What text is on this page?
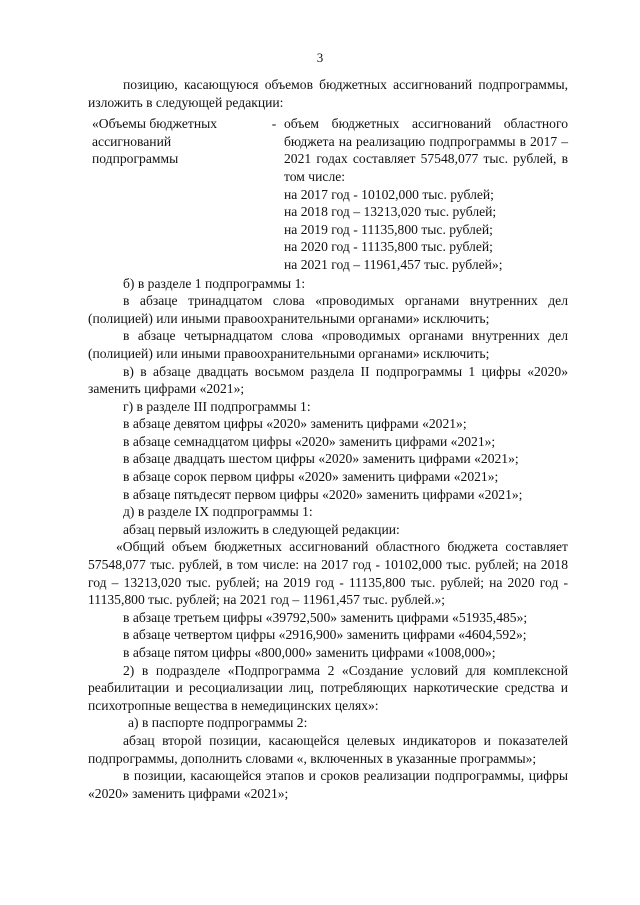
3

позицию, касающуюся объемов бюджетных ассигнований подпрограммы, изложить в следующей редакции:

«Объемы бюджетных
ассигнований
подпрограммы
- объем бюджетных ассигнований областного бюджета на реализацию подпрограммы в 2017 – 2021 годах составляет 57548,077 тыс. рублей, в том числе:

на 2017 год - 10102,000 тыс. рублей;
на 2018 год – 13213,020 тыс. рублей;
на 2019 год - 11135,800 тыс. рублей;
на 2020 год - 11135,800 тыс. рублей;
на 2021 год – 11961,457 тыс. рублей»;

б) в разделе 1 подпрограммы 1:

в абзаце тринадцатом слова «проводимых органами внутренних дел (полицией) или иными правоохранительными органами» исключить;

в абзаце четырнадцатом слова «проводимых органами внутренних дел (полицией) или иными правоохранительными органами» исключить;

в) в абзаце двадцать восьмом раздела II подпрограммы 1 цифры «2020» заменить цифрами «2021»;

г) в разделе III подпрограммы 1:

в абзаце девятом цифры «2020» заменить цифрами «2021»;

в абзаце семнадцатом цифры «2020» заменить цифрами «2021»;

в абзаце двадцать шестом цифры «2020» заменить цифрами «2021»;

в абзаце сорок первом цифры «2020» заменить цифрами «2021»;

в абзаце пятьдесят первом цифры «2020» заменить цифрами «2021»;

д) в разделе IX подпрограммы 1:

абзац первый изложить в следующей редакции:

«Общий объем бюджетных ассигнований областного бюджета составляет 57548,077 тыс. рублей, в том числе: на 2017 год - 10102,000 тыс. рублей; на 2018 год – 13213,020 тыс. рублей; на 2019 год - 11135,800 тыс. рублей; на 2020 год - 11135,800 тыс. рублей; на 2021 год – 11961,457 тыс. рублей.»;

в абзаце третьем цифры «39792,500» заменить цифрами «51935,485»;

в абзаце четвертом цифры «2916,900» заменить цифрами «4604,592»;

в абзаце пятом цифры «800,000» заменить цифрами «1008,000»;

2) в подразделе «Подпрограмма 2 «Создание условий для комплексной реабилитации и ресоциализации лиц, потребляющих наркотические средства и психотропные вещества в немедицинских целях»:

а) в паспорте подпрограммы 2:

абзац второй позиции, касающейся целевых индикаторов и показателей подпрограммы, дополнить словами «, включенных в указанные программы»;

в позиции, касающейся этапов и сроков реализации подпрограммы, цифры «2020» заменить цифрами «2021»;
